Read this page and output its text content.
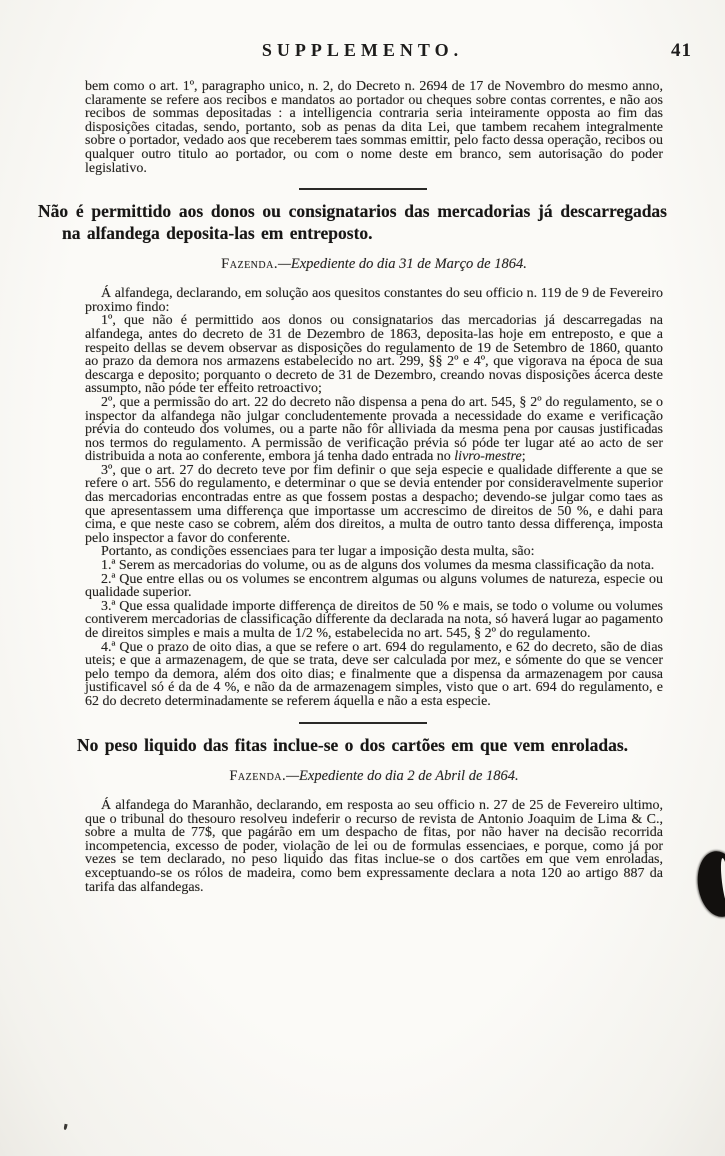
SUPPLEMENTO.	41

bem como o art. 1º, paragrapho unico, n. 2, do Decreto n. 2694 de 17 de Novembro do mesmo anno, claramente se refere aos recibos e mandatos ao portador ou cheques sobre contas correntes, e não aos recibos de sommas depositadas : a intelligencia contraria seria inteiramente opposta ao fim das disposições citadas, sendo, portanto, sob as penas da dita Lei, que tambem recahem integralmente sobre o portador, vedado aos que receberem taes sommas emittir, pelo facto dessa operação, recibos ou qualquer outro titulo ao portador, ou com o nome deste em branco, sem autorisação do poder legislativo.

Não é permittido aos donos ou consignatarios das mercadorias já descarregadas na alfandega deposita-las em entreposto.
Fazenda.—Expediente do dia 31 de Março de 1864.

Á alfandega, declarando, em solução aos quesitos constantes do seu officio n. 119 de 9 de Fevereiro proximo findo:

1º, que não é permittido aos donos ou consignatarios das mercadorias já descarregadas na alfandega, antes do decreto de 31 de Dezembro de 1863, deposita-las hoje em entreposto, e que a respeito dellas se devem observar as disposições do regulamento de 19 de Setembro de 1860, quanto ao prazo da demora nos armazens estabelecido no art. 299, §§ 2º e 4º, que vigorava na época de sua descarga e deposito; porquanto o decreto de 31 de Dezembro, creando novas disposições ácerca deste assumpto, não póde ter effeito retroactivo;

2º, que a permissão do art. 22 do decreto não dispensa a pena do art. 545, § 2º do regulamento, se o inspector da alfandega não julgar concludentemente provada a necessidade do exame e verificação prévia do conteudo dos volumes, ou a parte não fôr alliviada da mesma pena por causas justificadas nos termos do regulamento. A permissão de verificação prévia só póde ter lugar até ao acto de ser distribuida a nota ao conferente, embora já tenha dado entrada no livro-mestre;

3º, que o art. 27 do decreto teve por fim definir o que seja especie e qualidade differente a que se refere o art. 556 do regulamento, e determinar o que se devia entender por consideravelmente superior das mercadorias encontradas entre as que fossem postas a despacho; devendo-se julgar como taes as que apresentassem uma differença que importasse um accrescimo de direitos de 50 %, e dahi para cima, e que neste caso se cobrem, além dos direitos, a multa de outro tanto dessa differença, imposta pelo inspector a favor do conferente.

Portanto, as condições essenciaes para ter lugar a imposição desta multa, são:

1.ª Serem as mercadorias do volume, ou as de alguns dos volumes da mesma classificação da nota.

2.ª Que entre ellas ou os volumes se encontrem algumas ou alguns volumes de natureza, especie ou qualidade superior.

3.ª Que essa qualidade importe differença de direitos de 50 % e mais, se todo o volume ou volumes contiverem mercadorias de classificação differente da declarada na nota, só haverá lugar ao pagamento de direitos simples e mais a multa de 1/2 %, estabelecida no art. 545, § 2º do regulamento.

4.ª Que o prazo de oito dias, a que se refere o art. 694 do regulamento, e 62 do decreto, são de dias uteis; e que a armazenagem, de que se trata, deve ser calculada por mez, e sómente do que se vencer pelo tempo da demora, além dos oito dias; e finalmente que a dispensa da armazenagem por causa justificavel só é da de 4 %, e não da de armazenagem simples, visto que o art. 694 do regulamento, e 62 do decreto determinadamente se referem áquella e não a esta especie.

No peso liquido das fitas inclue-se o dos cartões em que vem enroladas.
Fazenda.—Expediente do dia 2 de Abril de 1864.

Á alfandega do Maranhão, declarando, em resposta ao seu officio n. 27 de 25 de Fevereiro ultimo, que o tribunal do thesouro resolveu indeferir o recurso de revista de Antonio Joaquim de Lima & C., sobre a multa de 77$, que pagárão em um despacho de fitas, por não haver na decisão recorrida incompetencia, excesso de poder, violação de lei ou de formulas essenciaes, e porque, como já por vezes se tem declarado, no peso liquido das fitas inclue-se o dos cartões em que vem enroladas, exceptuando-se os rólos de madeira, como bem expressamente declara a nota 120 ao artigo 887 da tarifa das alfandegas.
